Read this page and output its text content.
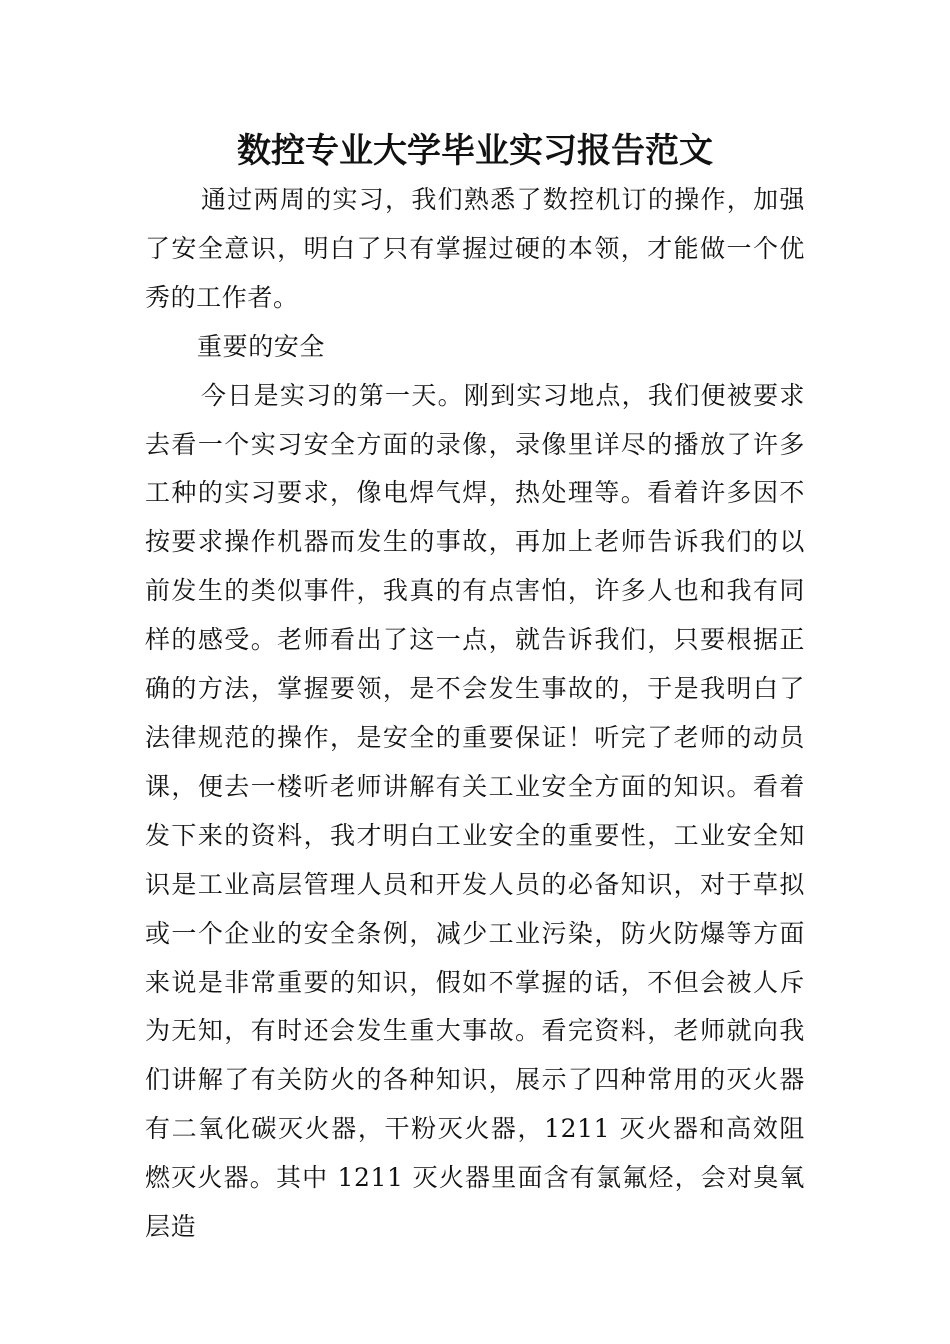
数控专业大学毕业实习报告范文

通过两周的实习，我们熟悉了数控机订的操作，加强了安全意识，明白了只有掌握过硬的本领，才能做一个优秀的工作者。

重要的安全

今日是实习的第一天。刚到实习地点，我们便被要求去看一个实习安全方面的录像，录像里详尽的播放了许多工种的实习要求，像电焊气焊，热处理等。看着许多因不按要求操作机器而发生的事故，再加上老师告诉我们的以前发生的类似事件，我真的有点害怕，许多人也和我有同样的感受。老师看出了这一点，就告诉我们，只要根据正确的方法，掌握要领，是不会发生事故的，于是我明白了法律规范的操作，是安全的重要保证！听完了老师的动员课，便去一楼听老师讲解有关工业安全方面的知识。看着发下来的资料，我才明白工业安全的重要性，工业安全知识是工业高层管理人员和开发人员的必备知识，对于草拟或一个企业的安全条例，减少工业污染，防火防爆等方面来说是非常重要的知识，假如不掌握的话，不但会被人斥为无知，有时还会发生重大事故。看完资料，老师就向我们讲解了有关防火的各种知识，展示了四种常用的灭火器有二氧化碳灭火器，干粉灭火器，1211 灭火器和高效阻燃灭火器。其中 1211 灭火器里面含有氯氟烃，会对臭氧层造
